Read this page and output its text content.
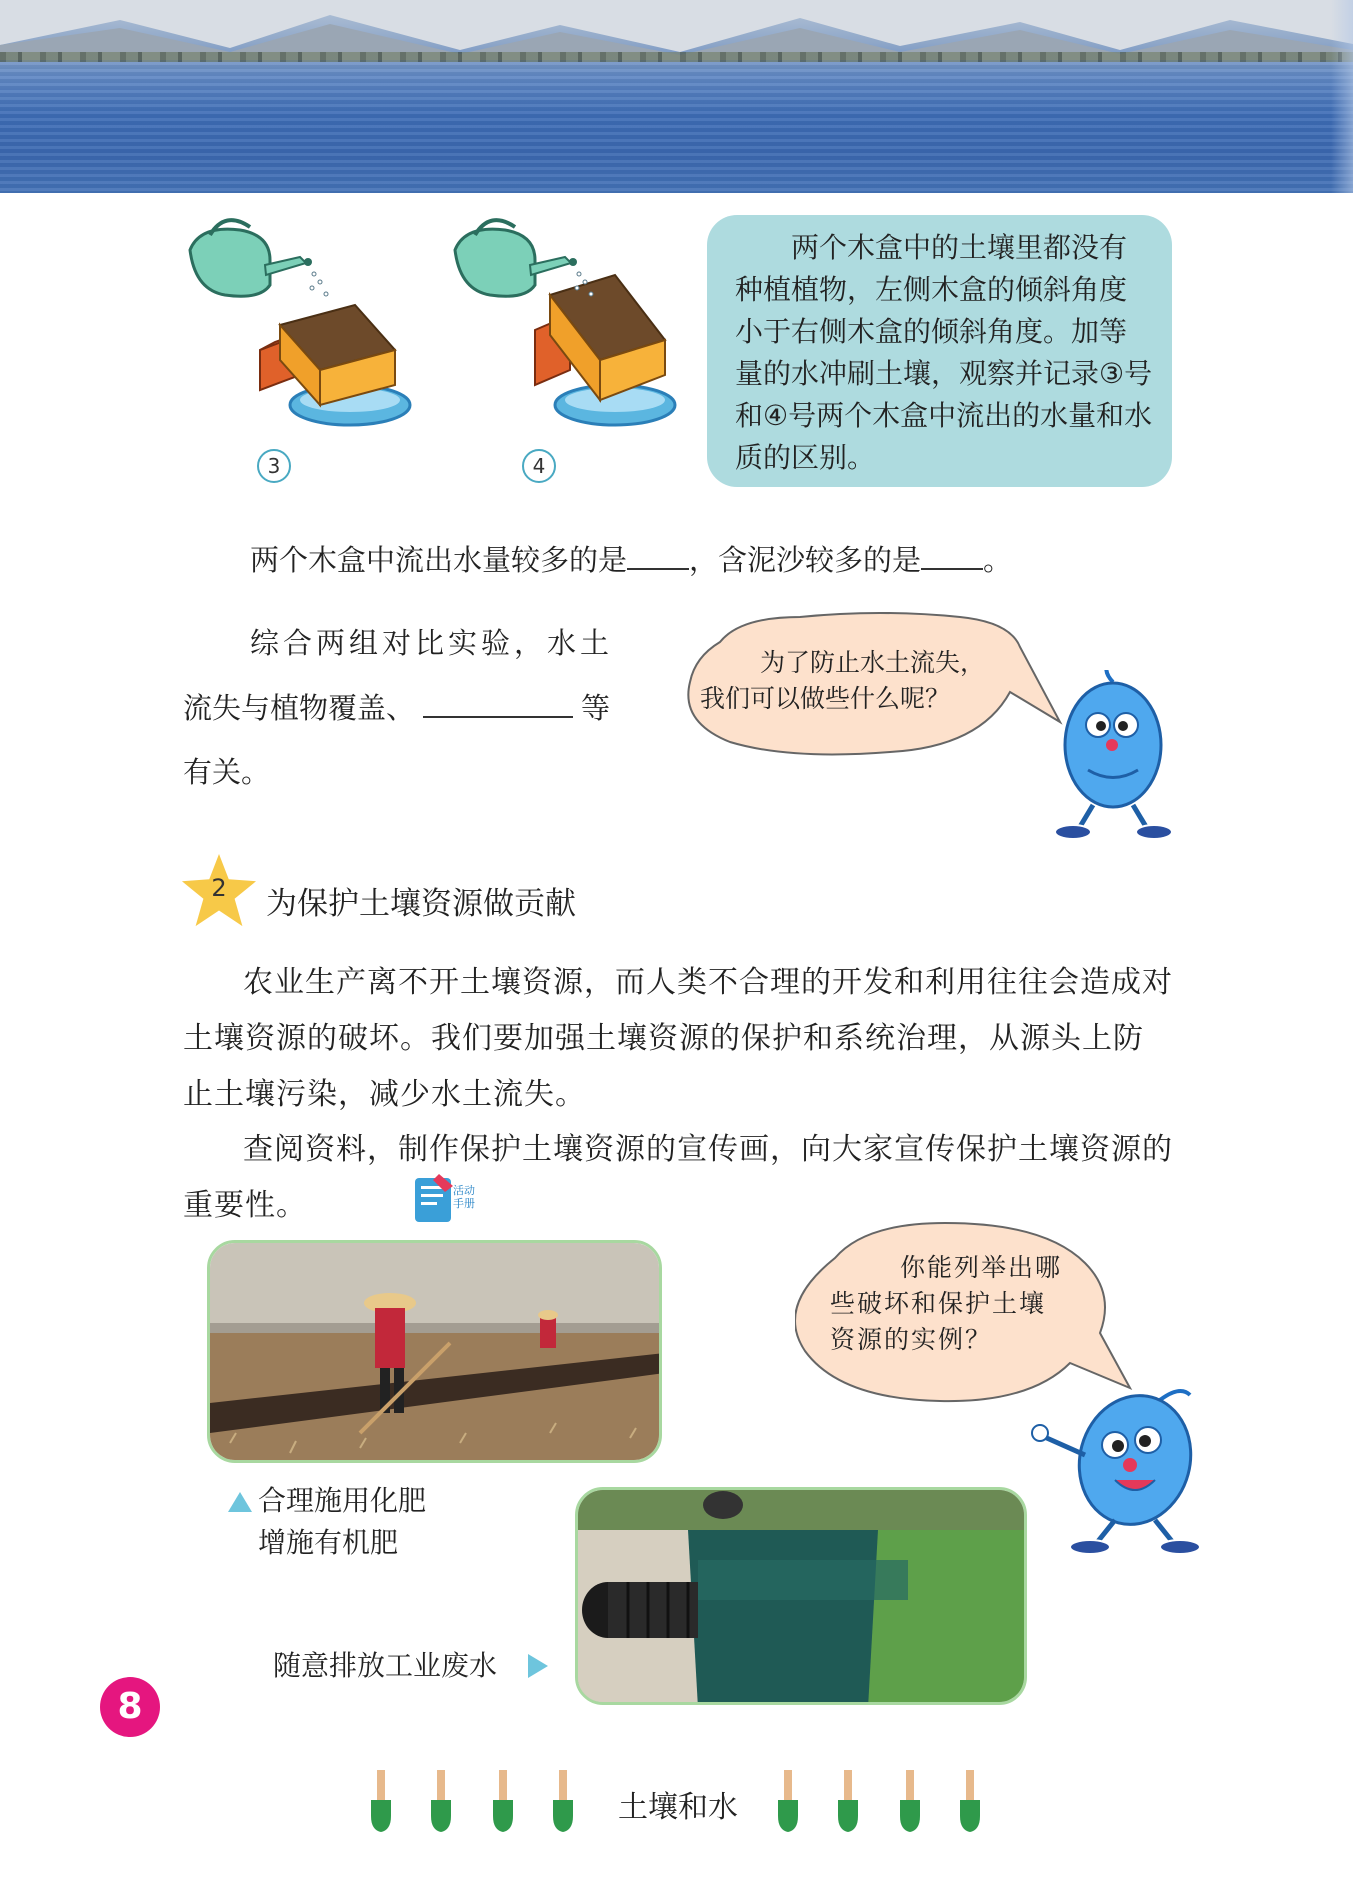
3	4
两个木盒中的土壤里都没有种植植物，左侧木盒的倾斜角度小于右侧木盒的倾斜角度。加等量的水冲刷土壤，观察并记录③号和④号两个木盒中流出的水量和水质的区别。
两个木盒中流出水量较多的是 ，含泥沙较多的是 。
综合两组对比实验，水土
流失与植物覆盖、	等
有关。
为了防止水土流失，
我们可以做些什么呢？
2	为保护土壤资源做贡献
农业生产离不开土壤资源，而人类不合理的开发和利用往往会造成对土壤资源的破坏。我们要加强土壤资源的保护和系统治理，从源头上防止土壤污染，减少水土流失。
查阅资料，制作保护土壤资源的宣传画，向大家宣传保护土壤资源的重要性。	活动
手册
合理施用化肥
增施有机肥
随意排放工业废水
你能列举出哪
些破坏和保护土壤
资源的实例？
8
土壤和水
